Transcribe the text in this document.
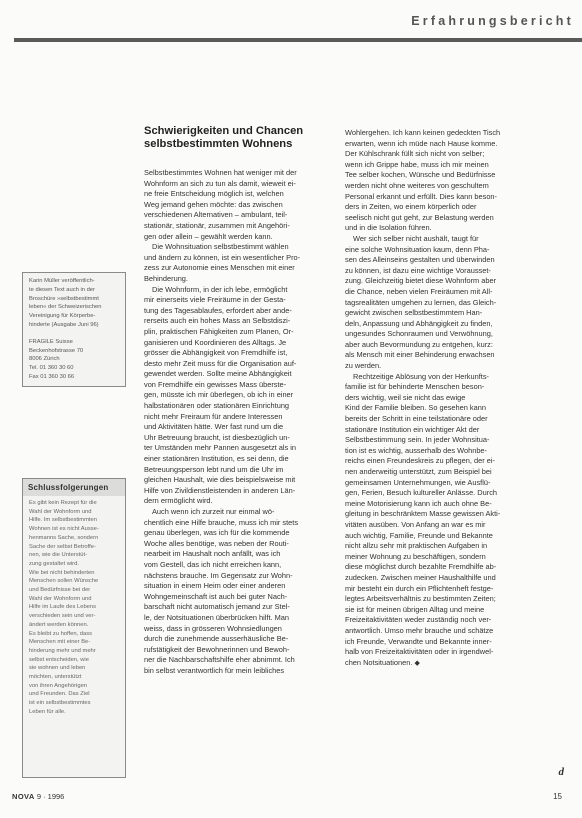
Erfahrungsbericht
Karin Müller veröffentlich-
te diesen Text auch in der
Broschüre »selbstbestimmt
leben« der Schweizerischen
Vereinigung für Körperbe-
hinderte (Ausgabe Juni 96)
FRAGILE Suisse
Beckenhofstrasse 70
8006 Zürich
Tel. 01 360 30 60
Fax 01 360 30 66
Schlussfolgerungen
Es gibt kein Rezept für die
Wahl der Wohnform und
Hilfe. Im selbstbestimmten
Wohnen ist es nicht Ausse-
henmanns Sache, sondern
Sache der selbst Betroffe-
nen, wie die Unterstüt-
zung gestaltet wird.
Wie bei nicht behinderten
Menschen sollen Wünsche
und Bedürfnisse bei der
Wahl der Wohnform und
Hilfe im Laufe des Lebens
verschieden sein und ver-
ändert werden können.
Es bleibt zu hoffen, dass
Menschen mit einer Be-
hinderung mehr und mehr
selbst entscheiden, wie
sie wohnen und leben
möchten, unterstützt
von ihren Angehörigen
und Freunden. Das Ziel
ist ein selbstbestimmtes
Leben für alle.
Schwierigkeiten und Chancen
selbstbestimmten Wohnens
Selbstbestimmtes Wohnen hat weniger mit der
Wohnform an sich zu tun als damit, wieweit ei-
ne freie Entscheidung möglich ist, welchen
Weg jemand gehen möchte: das zwischen
verschiedenen Alternativen – ambulant, teil-
stationär, stationär, zusammen mit Angehöri-
gen oder allein – gewählt werden kann.
Die Wohnsituation selbstbestimmt wählen
und ändern zu können, ist ein wesentlicher Pro-
zess zur Autonomie eines Menschen mit einer
Behinderung.
Die Wohnform, in der ich lebe, ermöglicht
mir einerseits viele Freiräume in der Gesta-
tung des Tagesablaufes, erfordert aber ande-
rerseits auch ein hohes Mass an Selbstdiszi-
plin, praktischen Fähigkeiten zum Planen, Or-
ganisieren und Koordinieren des Alltags. Je
grösser die Abhängigkeit von Fremdhilfe ist,
desto mehr Zeit muss für die Organisation auf-
gewendet werden. Sollte meine Abhängigkeit
von Fremdhilfe ein gewisses Mass überste-
gen, müsste ich mir überlegen, ob ich in einer
halbstationären oder stationären Einrichtung
nicht mehr Freiraum für andere Interessen
und Aktivitäten hätte. Wer fast rund um die
Uhr Betreuung braucht, ist diesbezüglich un-
ter Umständen mehr Pannen ausgesetzt als in
einer stationären Institution, es sei denn, die
Betreuungsperson lebt rund um die Uhr im
gleichen Haushalt, wie dies beispielsweise mit
Hilfe von Zivildienstleistenden in anderen Län-
dern ermöglicht wird.
Auch wenn ich zurzeit nur einmal wö-
chentlich eine Hilfe brauche, muss ich mir stets
genau überlegen, was ich für die kommende
Woche alles benötige, was neben der Routi-
nearbeit im Haushalt noch anfällt, was ich
vom Gestell, das ich nicht erreichen kann,
nächstens brauche. Im Gegensatz zur Wohn-
situation in einem Heim oder einer anderen
Wohngemeinschaft ist auch bei guter Nach-
barschaft nicht automatisch jemand zur Stel-
le, der Notsituationen überbrücken hilft. Man
weiss, dass in grösseren Wohnsiedlungen
durch die zunehmende ausserhäusliche Be-
rufstätigkeit der Bewohnerinnen und Bewoh-
ner die Nachbarschaftshilfe eher abnimmt. Ich
bin selbst verantwortlich für mein leibliches
Wohlergehen. Ich kann keinen gedeckten Tisch
erwarten, wenn ich müde nach Hause komme.
Der Kühlschrank füllt sich nicht von selber;
wenn ich Grippe habe, muss ich mir meinen
Tee selber kochen, Wünsche und Bedürfnisse
werden nicht ohne weiteres von geschultem
Personal erkannt und erfüllt. Dies kann beson-
ders in Zeiten, wo einem körperlich oder
seelisch nicht gut geht, zur Belastung werden
und in die Isolation führen.
Wer sich selber nicht aushält, taugt für
eine solche Wohnsituation kaum, denn Pha-
sen des Alleinseins gestalten und überwinden
zu können, ist dazu eine wichtige Vorausset-
zung. Gleichzeitig bietet diese Wohnform aber
die Chance, neben vielen Freiräumen mit All-
tagsrealitäten umgehen zu lernen, das Gleich-
gewicht zwischen selbstbestimmtem Han-
deln, Anpassung und Abhängigkeit zu finden,
ungesundes Schonraumen und Verwöhnung,
aber auch Bevormundung zu entgehen, kurz:
als Mensch mit einer Behinderung erwachsen
zu werden.
Rechtzeitige Ablösung von der Herkunfts-
familie ist für behinderte Menschen beson-
ders wichtig, weil sie nicht das ewige
Kind der Familie bleiben. So gesehen kann
bereits der Schritt in eine teilstationäre oder
stationäre Institution ein wichtiger Akt der
Selbstbestimmung sein. In jeder Wohnsitua-
tion ist es wichtig, ausserhalb des Wohnbe-
reichs einen Freundeskreis zu pflegen, der ei-
nen anderweitig unterstützt, zum Beispiel bei
gemeinsamen Unternehmungen, wie Ausflü-
gen, Ferien, Besuch kultureller Anlässe. Durch
meine Motorisierung kann ich auch ohne Be-
gleitung in beschränktem Masse gewissen Akti-
vitäten ausüben. Von Anfang an war es mir
auch wichtig, Familie, Freunde und Bekannte
nicht allzu sehr mit praktischen Aufgaben in
meiner Wohnung zu beschäftigen, sondern
diese möglichst durch bezahlte Fremdhilfe ab-
zudecken. Zwischen meiner Haushalthilfe und
mir besteht ein durch ein Pflichtenheft festge-
legtes Arbeitsverhältnis zu bestimmten Zeiten;
sie ist für meinen übrigen Alltag und meine
Freizeitaktivitäten weder zuständig noch ver-
antwortlich. Umso mehr brauche und schätze
ich Freunde, Verwandte und Bekannte inner-
halb von Freizeitaktivitäten oder in irgendwel-
chen Notsituationen. ◆
NOVA 9 · 1996
d
15
